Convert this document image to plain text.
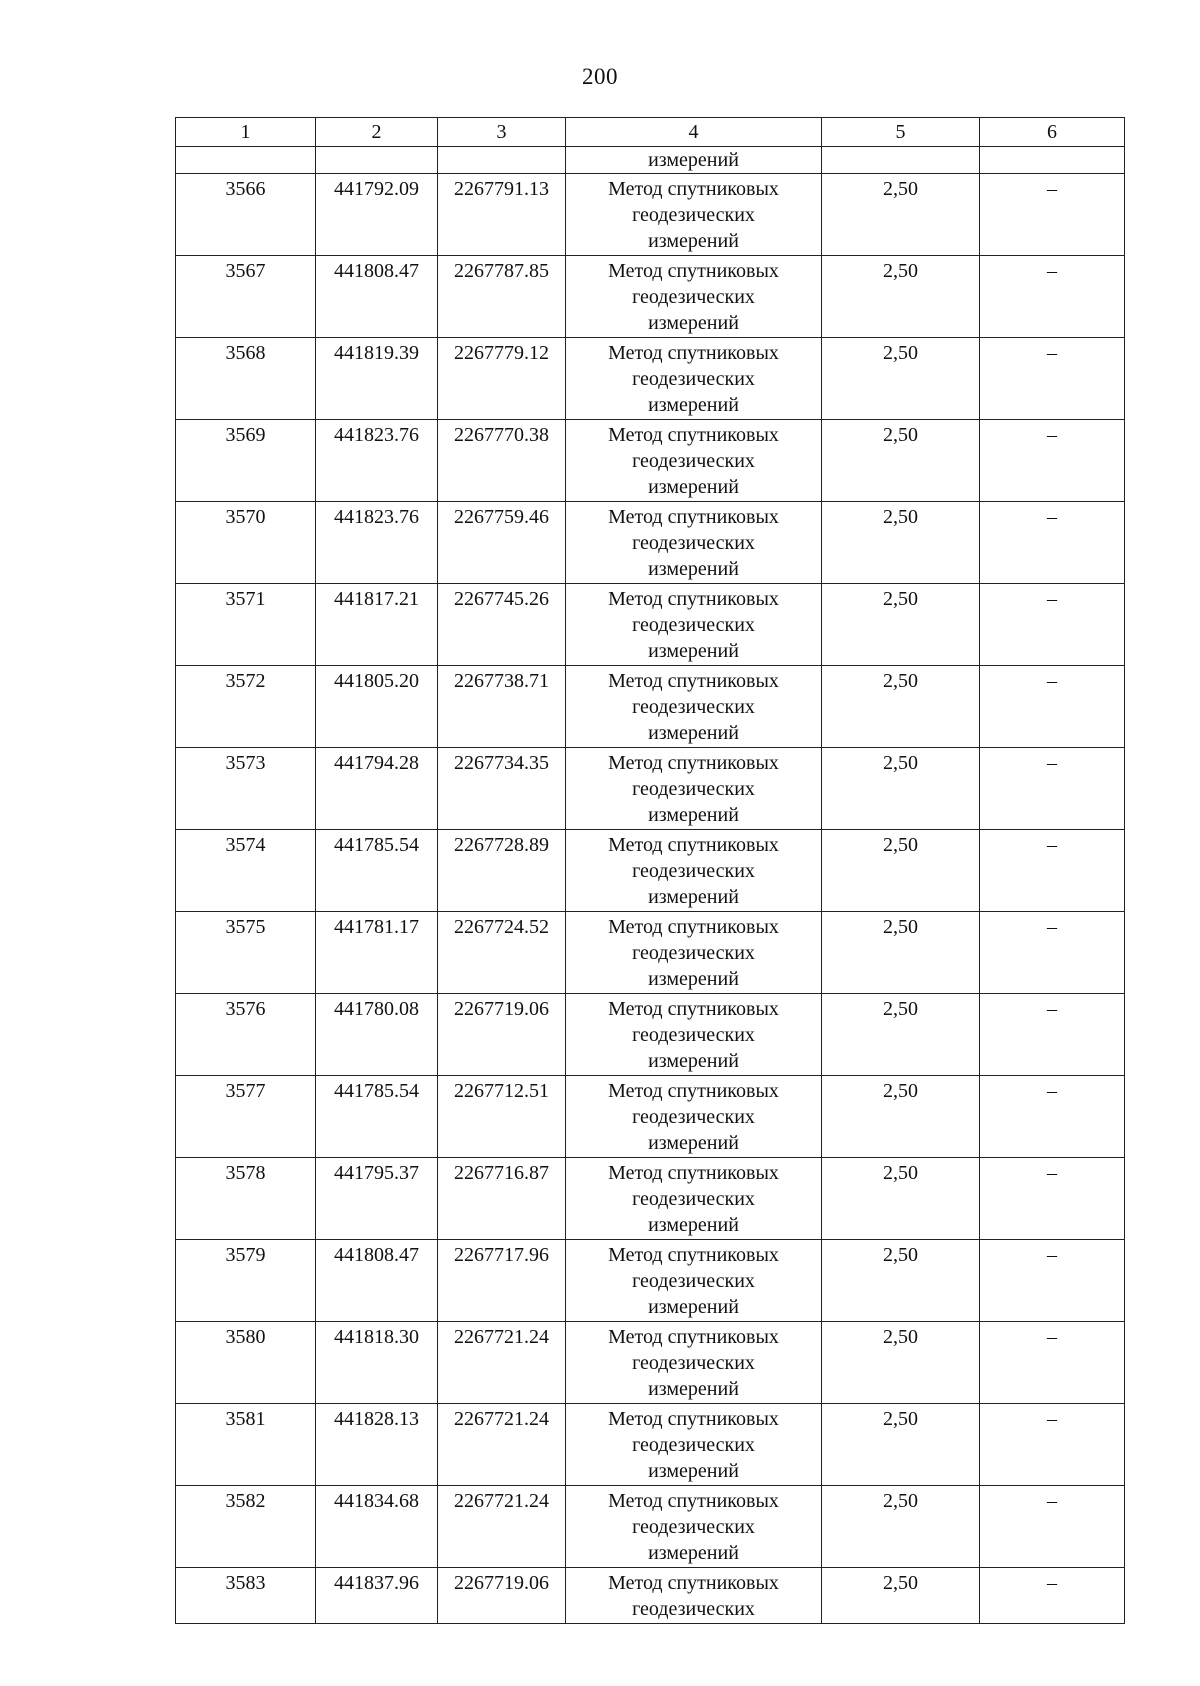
200
1	2	3	4	5	6
			измерений		
3566	441792.09	2267791.13	Метод спутниковых
геодезических
измерений	2,50	–
3567	441808.47	2267787.85	Метод спутниковых
геодезических
измерений	2,50	–
3568	441819.39	2267779.12	Метод спутниковых
геодезических
измерений	2,50	–
3569	441823.76	2267770.38	Метод спутниковых
геодезических
измерений	2,50	–
3570	441823.76	2267759.46	Метод спутниковых
геодезических
измерений	2,50	–
3571	441817.21	2267745.26	Метод спутниковых
геодезических
измерений	2,50	–
3572	441805.20	2267738.71	Метод спутниковых
геодезических
измерений	2,50	–
3573	441794.28	2267734.35	Метод спутниковых
геодезических
измерений	2,50	–
3574	441785.54	2267728.89	Метод спутниковых
геодезических
измерений	2,50	–
3575	441781.17	2267724.52	Метод спутниковых
геодезических
измерений	2,50	–
3576	441780.08	2267719.06	Метод спутниковых
геодезических
измерений	2,50	–
3577	441785.54	2267712.51	Метод спутниковых
геодезических
измерений	2,50	–
3578	441795.37	2267716.87	Метод спутниковых
геодезических
измерений	2,50	–
3579	441808.47	2267717.96	Метод спутниковых
геодезических
измерений	2,50	–
3580	441818.30	2267721.24	Метод спутниковых
геодезических
измерений	2,50	–
3581	441828.13	2267721.24	Метод спутниковых
геодезических
измерений	2,50	–
3582	441834.68	2267721.24	Метод спутниковых
геодезических
измерений	2,50	–
3583	441837.96	2267719.06	Метод спутниковых
геодезических	2,50	–
